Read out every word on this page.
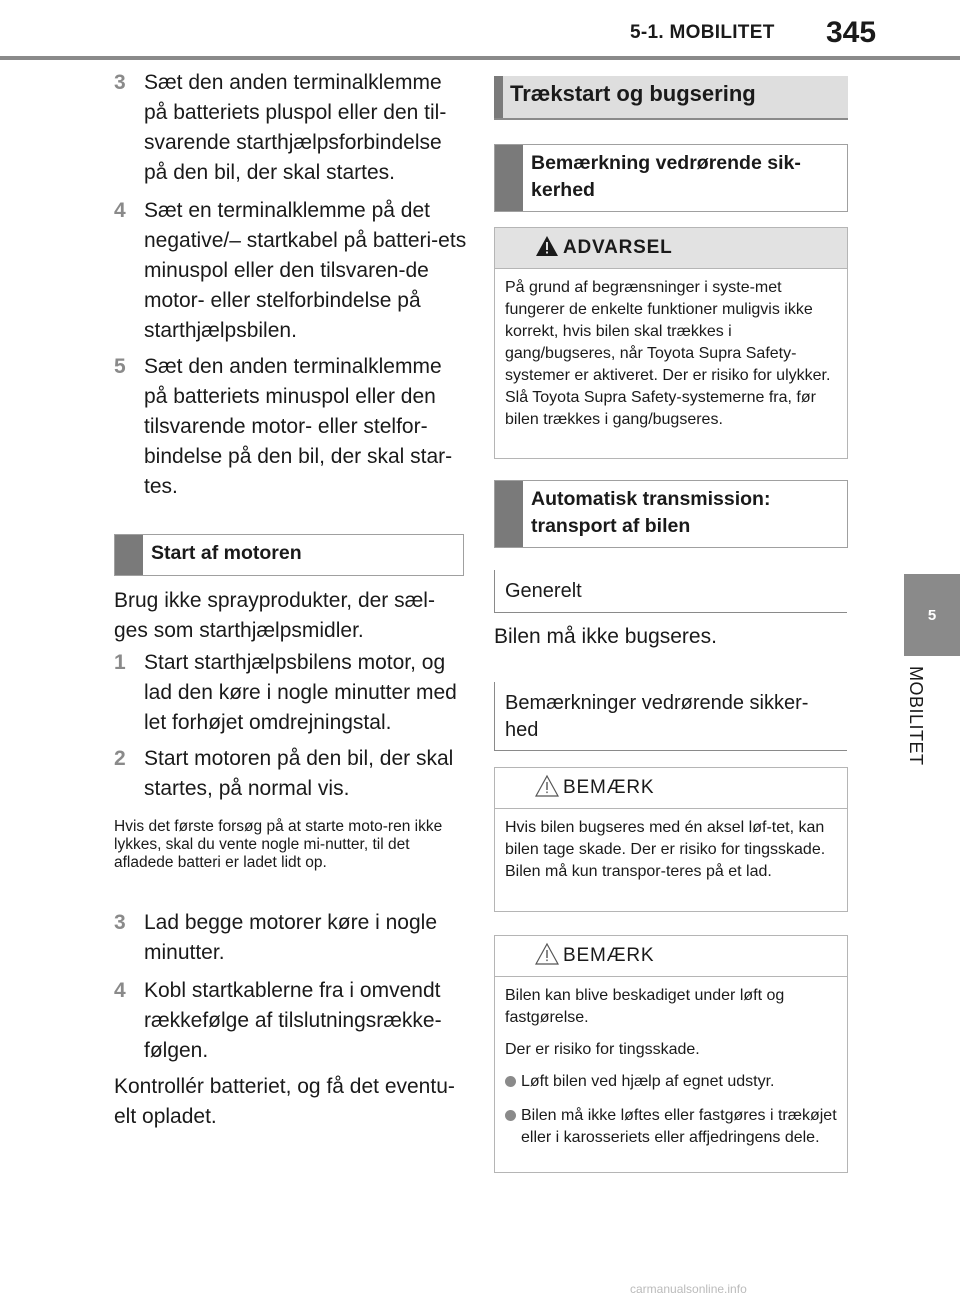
5-1. MOBILITET 345
5
MOBILITET
3 Sæt den anden terminalklemme på batteriets pluspol eller den til-svarende starthjælpsforbindelse på den bil, der skal startes.
4 Sæt en terminalklemme på det negative/– startkabel på batteri-ets minuspol eller den tilsvaren-de motor- eller stelforbindelse på starthjælpsbilen.
5 Sæt den anden terminalklemme på batteriets minuspol eller den tilsvarende motor- eller stelfor-bindelse på den bil, der skal star-tes.
Start af motoren
Brug ikke sprayprodukter, der sæl-ges som starthjælpsmidler.
1 Start starthjælpsbilens motor, og lad den køre i nogle minutter med let forhøjet omdrejningstal.
2 Start motoren på den bil, der skal startes, på normal vis.
Hvis det første forsøg på at starte moto-ren ikke lykkes, skal du vente nogle mi-nutter, til det afladede batteri er ladet lidt op.
3 Lad begge motorer køre i nogle minutter.
4 Kobl startkablerne fra i omvendt rækkefølge af tilslutningsrække-følgen.
Kontrollér batteriet, og få det eventu-elt opladet.
Trækstart og bugsering
Bemærkning vedrørende sik-kerhed
ADVARSEL
På grund af begrænsninger i syste-met fungerer de enkelte funktioner muligvis ikke korrekt, hvis bilen skal trækkes i gang/bugseres, når Toyota Supra Safety-systemer er aktiveret. Der er risiko for ulykker. Slå Toyota Supra Safety-systemerne fra, før bilen trækkes i gang/bugseres.
Automatisk transmission: transport af bilen
Generelt
Bilen må ikke bugseres.
Bemærkninger vedrørende sikker-hed
BEMÆRK
Hvis bilen bugseres med én aksel løf-tet, kan bilen tage skade. Der er risiko for tingsskade. Bilen må kun transpor-teres på et lad.
BEMÆRK

Bilen kan blive beskadiget under løft og fastgørelse.

Der er risiko for tingsskade.

Løft bilen ved hjælp af egnet udstyr.
Bilen må ikke løftes eller fastgøres i trækøjet eller i karosseriets eller affjedringens dele.
carmanualsonline.info
